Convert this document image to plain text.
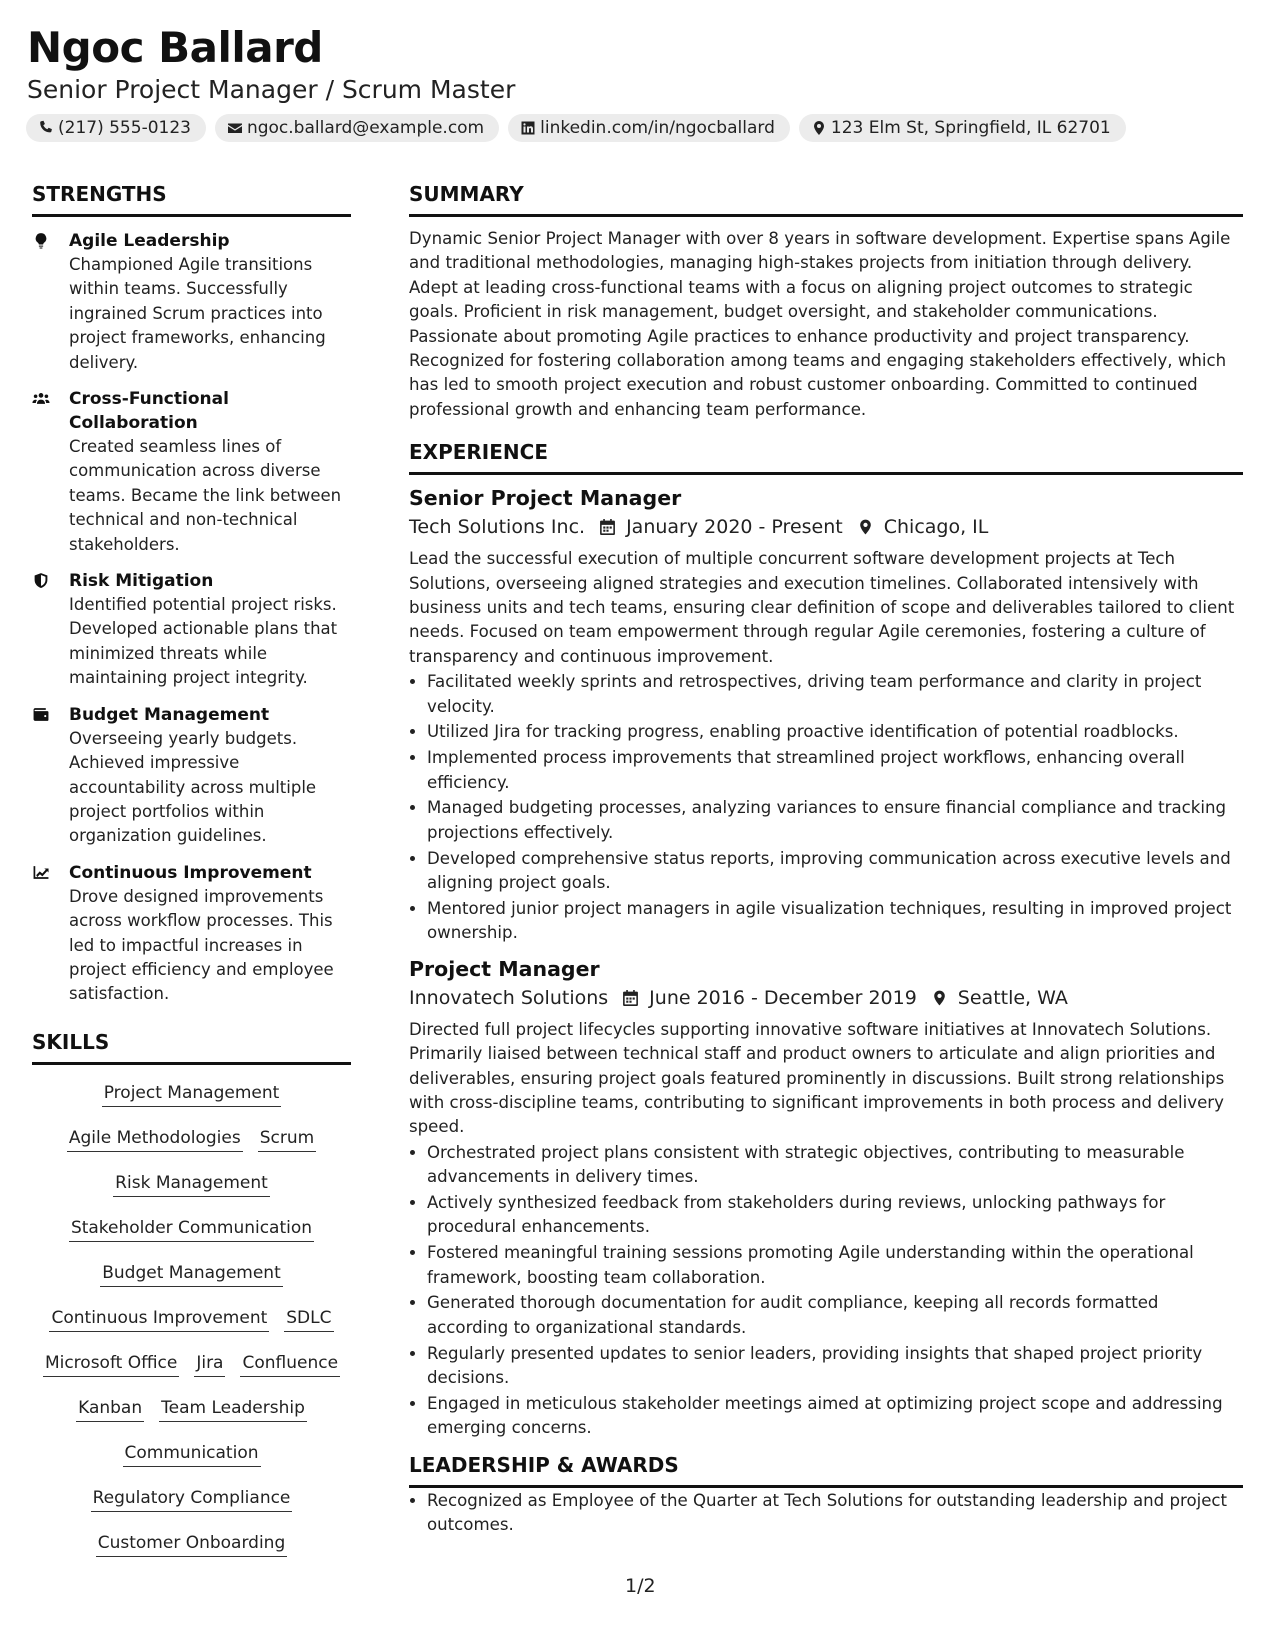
Ngoc Ballard
Senior Project Manager / Scrum Master
(217) 555-0123	ngoc.ballard@example.com	linkedin.com/in/ngocballard	123 Elm St, Springfield, IL 62701
STRENGTHS
Agile Leadership
Championed Agile transitions within teams. Successfully ingrained Scrum practices into project frameworks, enhancing delivery.
Cross-Functional Collaboration
Created seamless lines of communication across diverse teams. Became the link between technical and non-technical stakeholders.
Risk Mitigation
Identified potential project risks. Developed actionable plans that minimized threats while maintaining project integrity.
Budget Management
Overseeing yearly budgets. Achieved impressive accountability across multiple project portfolios within organization guidelines.
Continuous Improvement
Drove designed improvements across workflow processes. This led to impactful increases in project efficiency and employee satisfaction.
SKILLS
Project Management
Agile Methodologies Scrum
Risk Management
Stakeholder Communication
Budget Management
Continuous Improvement SDLC
Microsoft Office Jira Confluence
Kanban Team Leadership
Communication
Regulatory Compliance
Customer Onboarding
SUMMARY
Dynamic Senior Project Manager with over 8 years in software development. Expertise spans Agile and traditional methodologies, managing high-stakes projects from initiation through delivery. Adept at leading cross-functional teams with a focus on aligning project outcomes to strategic goals. Proficient in risk management, budget oversight, and stakeholder communications. Passionate about promoting Agile practices to enhance productivity and project transparency. Recognized for fostering collaboration among teams and engaging stakeholders effectively, which has led to smooth project execution and robust customer onboarding. Committed to continued professional growth and enhancing team performance.
EXPERIENCE
Senior Project Manager
Tech Solutions Inc. January 2020 - Present Chicago, IL
Lead the successful execution of multiple concurrent software development projects at Tech Solutions, overseeing aligned strategies and execution timelines. Collaborated intensively with business units and tech teams, ensuring clear definition of scope and deliverables tailored to client needs. Focused on team empowerment through regular Agile ceremonies, fostering a culture of transparency and continuous improvement.
• Facilitated weekly sprints and retrospectives, driving team performance and clarity in project velocity.
• Utilized Jira for tracking progress, enabling proactive identification of potential roadblocks.
• Implemented process improvements that streamlined project workflows, enhancing overall efficiency.
• Managed budgeting processes, analyzing variances to ensure financial compliance and tracking projections effectively.
• Developed comprehensive status reports, improving communication across executive levels and aligning project goals.
• Mentored junior project managers in agile visualization techniques, resulting in improved project ownership.
Project Manager
Innovatech Solutions June 2016 - December 2019 Seattle, WA
Directed full project lifecycles supporting innovative software initiatives at Innovatech Solutions. Primarily liaised between technical staff and product owners to articulate and align priorities and deliverables, ensuring project goals featured prominently in discussions. Built strong relationships with cross-discipline teams, contributing to significant improvements in both process and delivery speed.
• Orchestrated project plans consistent with strategic objectives, contributing to measurable advancements in delivery times.
• Actively synthesized feedback from stakeholders during reviews, unlocking pathways for procedural enhancements.
• Fostered meaningful training sessions promoting Agile understanding within the operational framework, boosting team collaboration.
• Generated thorough documentation for audit compliance, keeping all records formatted according to organizational standards.
• Regularly presented updates to senior leaders, providing insights that shaped project priority decisions.
• Engaged in meticulous stakeholder meetings aimed at optimizing project scope and addressing emerging concerns.
LEADERSHIP & AWARDS
• Recognized as Employee of the Quarter at Tech Solutions for outstanding leadership and project outcomes.
1/2
